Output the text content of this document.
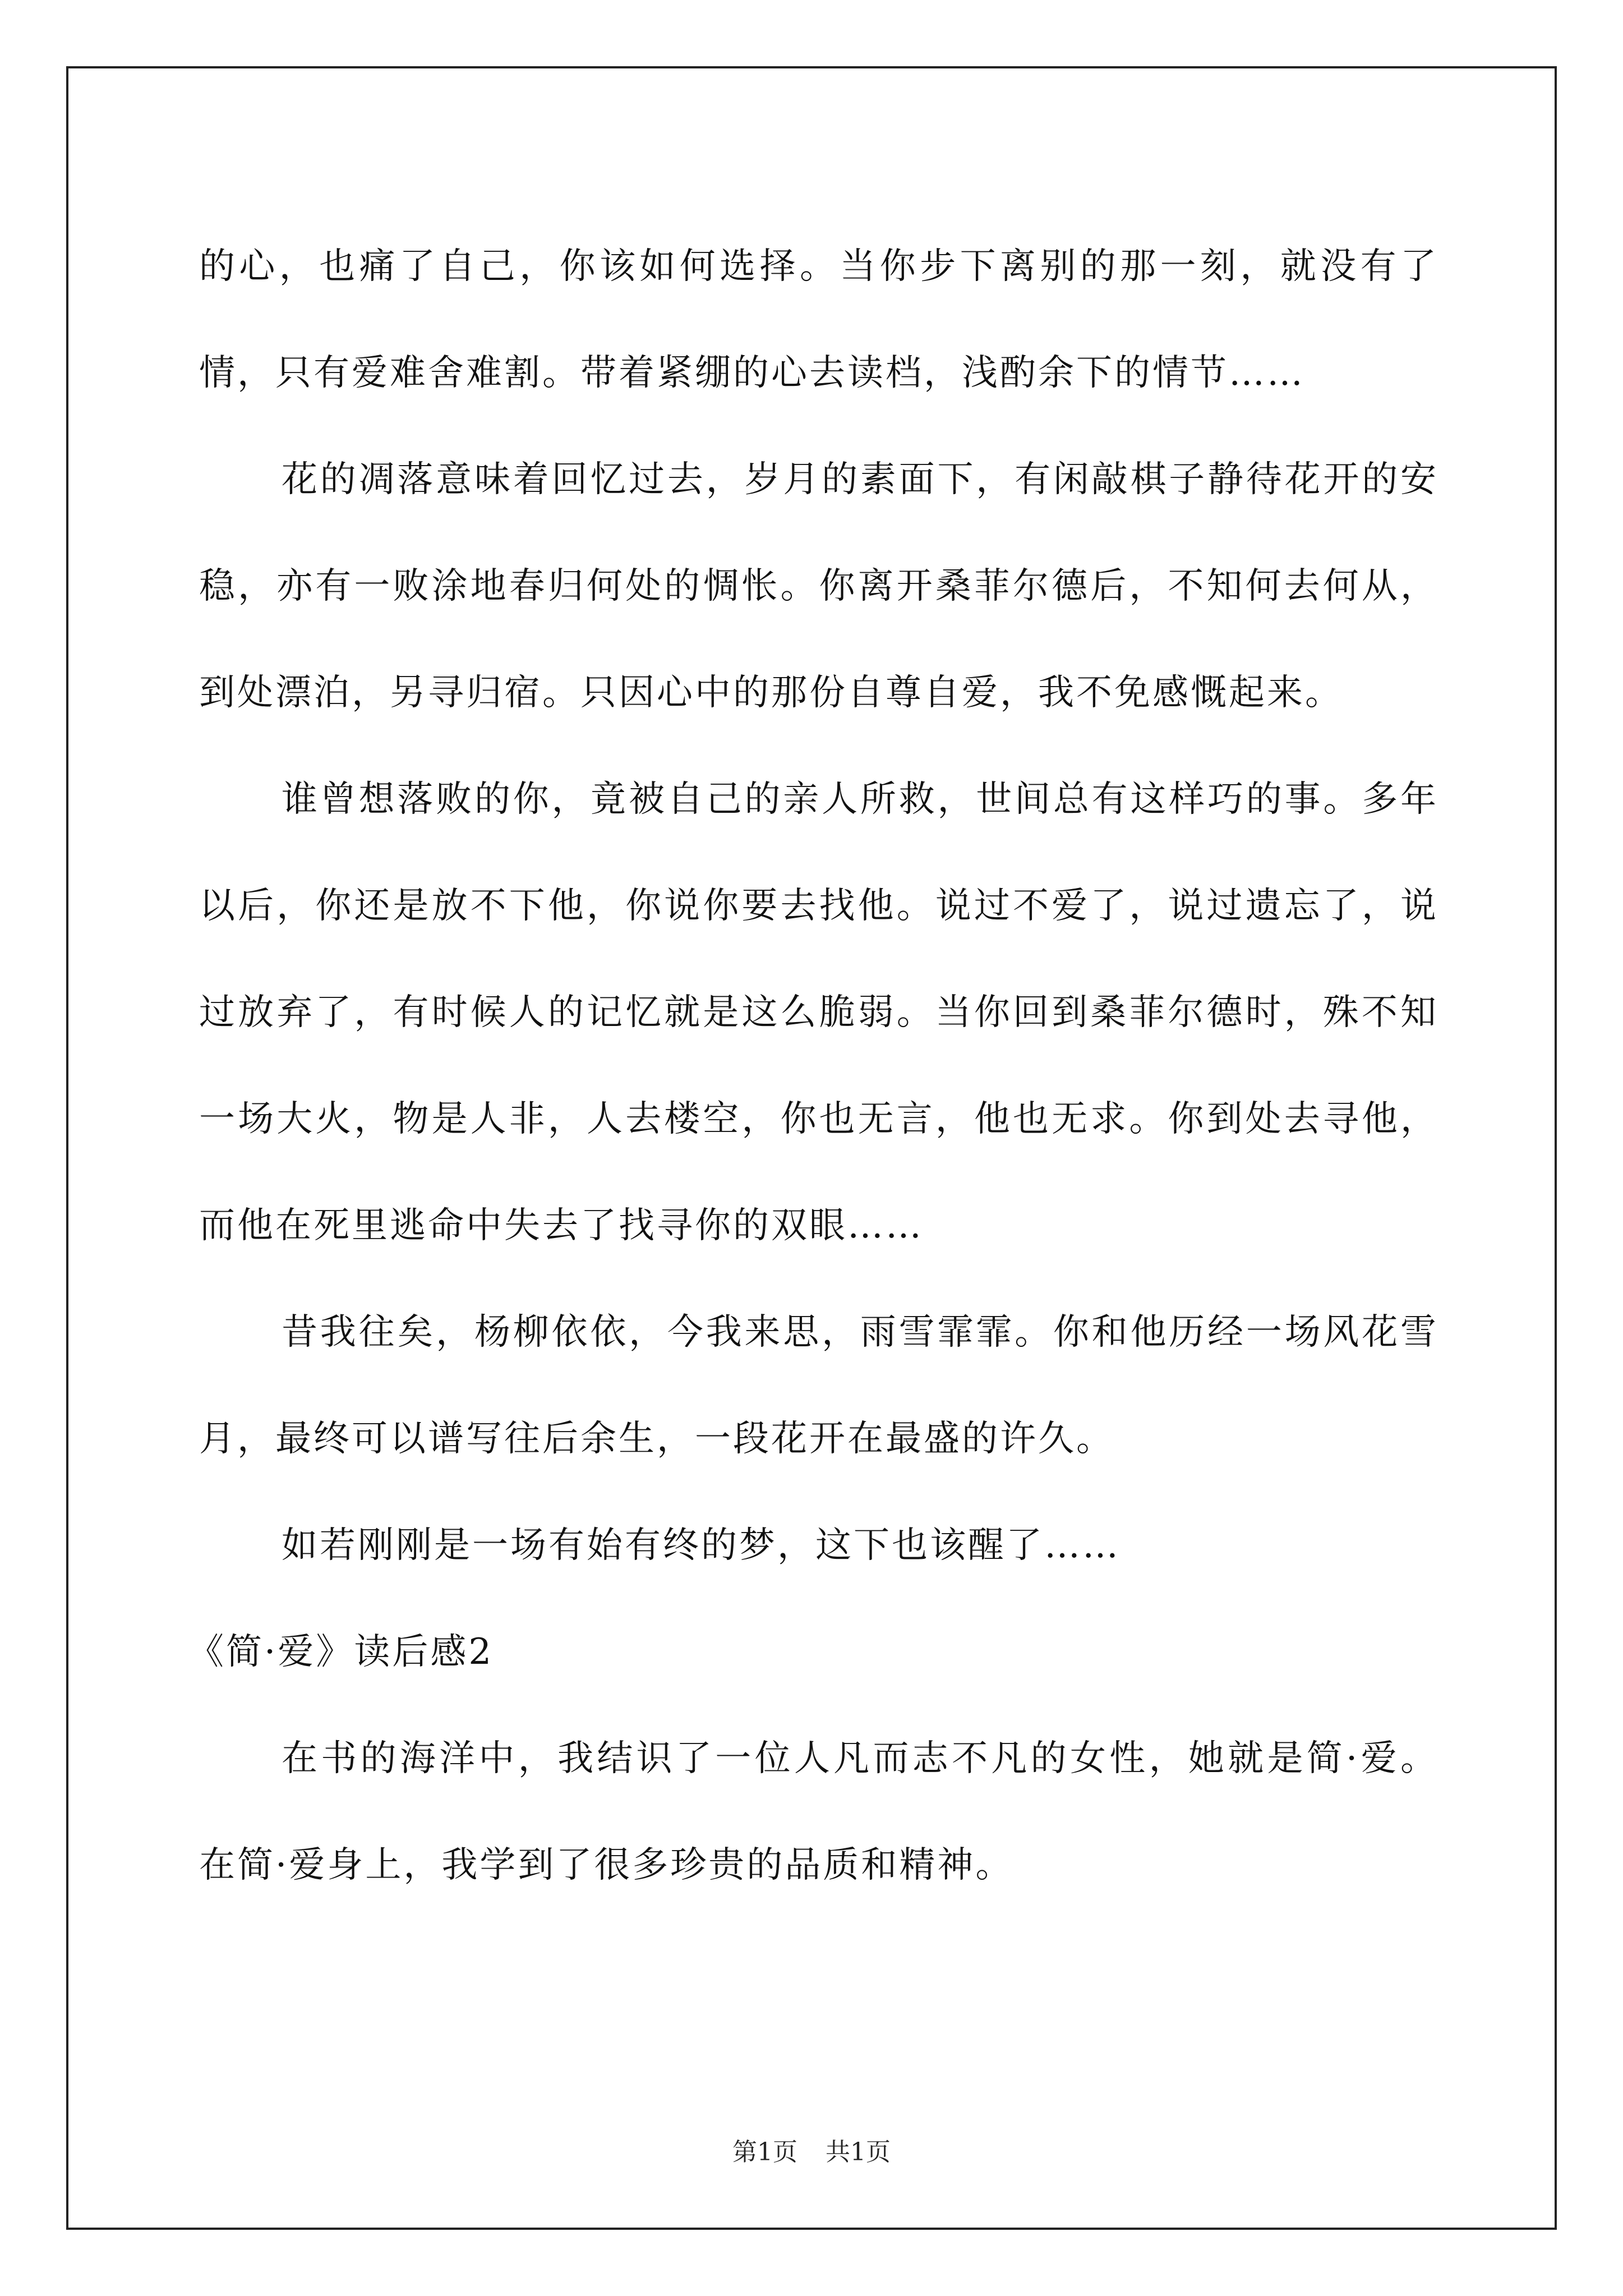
的心，也痛了自己，你该如何选择。当你步下离别的那一刻，就没有了情，只有爱难舍难割。带着紧绷的心去读档，浅酌余下的情节……

花的凋落意味着回忆过去，岁月的素面下，有闲敲棋子静待花开的安稳，亦有一败涂地春归何处的惆怅。你离开桑菲尔德后，不知何去何从，到处漂泊，另寻归宿。只因心中的那份自尊自爱，我不免感慨起来。

谁曾想落败的你，竟被自己的亲人所救，世间总有这样巧的事。多年以后，你还是放不下他，你说你要去找他。说过不爱了，说过遗忘了，说过放弃了，有时候人的记忆就是这么脆弱。当你回到桑菲尔德时，殊不知一场大火，物是人非，人去楼空，你也无言，他也无求。你到处去寻他，而他在死里逃命中失去了找寻你的双眼……

昔我往矣，杨柳依依，今我来思，雨雪霏霏。你和他历经一场风花雪月，最终可以谱写往后余生，一段花开在最盛的许久。

如若刚刚是一场有始有终的梦，这下也该醒了……

《简·爱》读后感2

在书的海洋中，我结识了一位人凡而志不凡的女性，她就是简·爱。在简·爱身上，我学到了很多珍贵的品质和精神。

第1页 共1页
